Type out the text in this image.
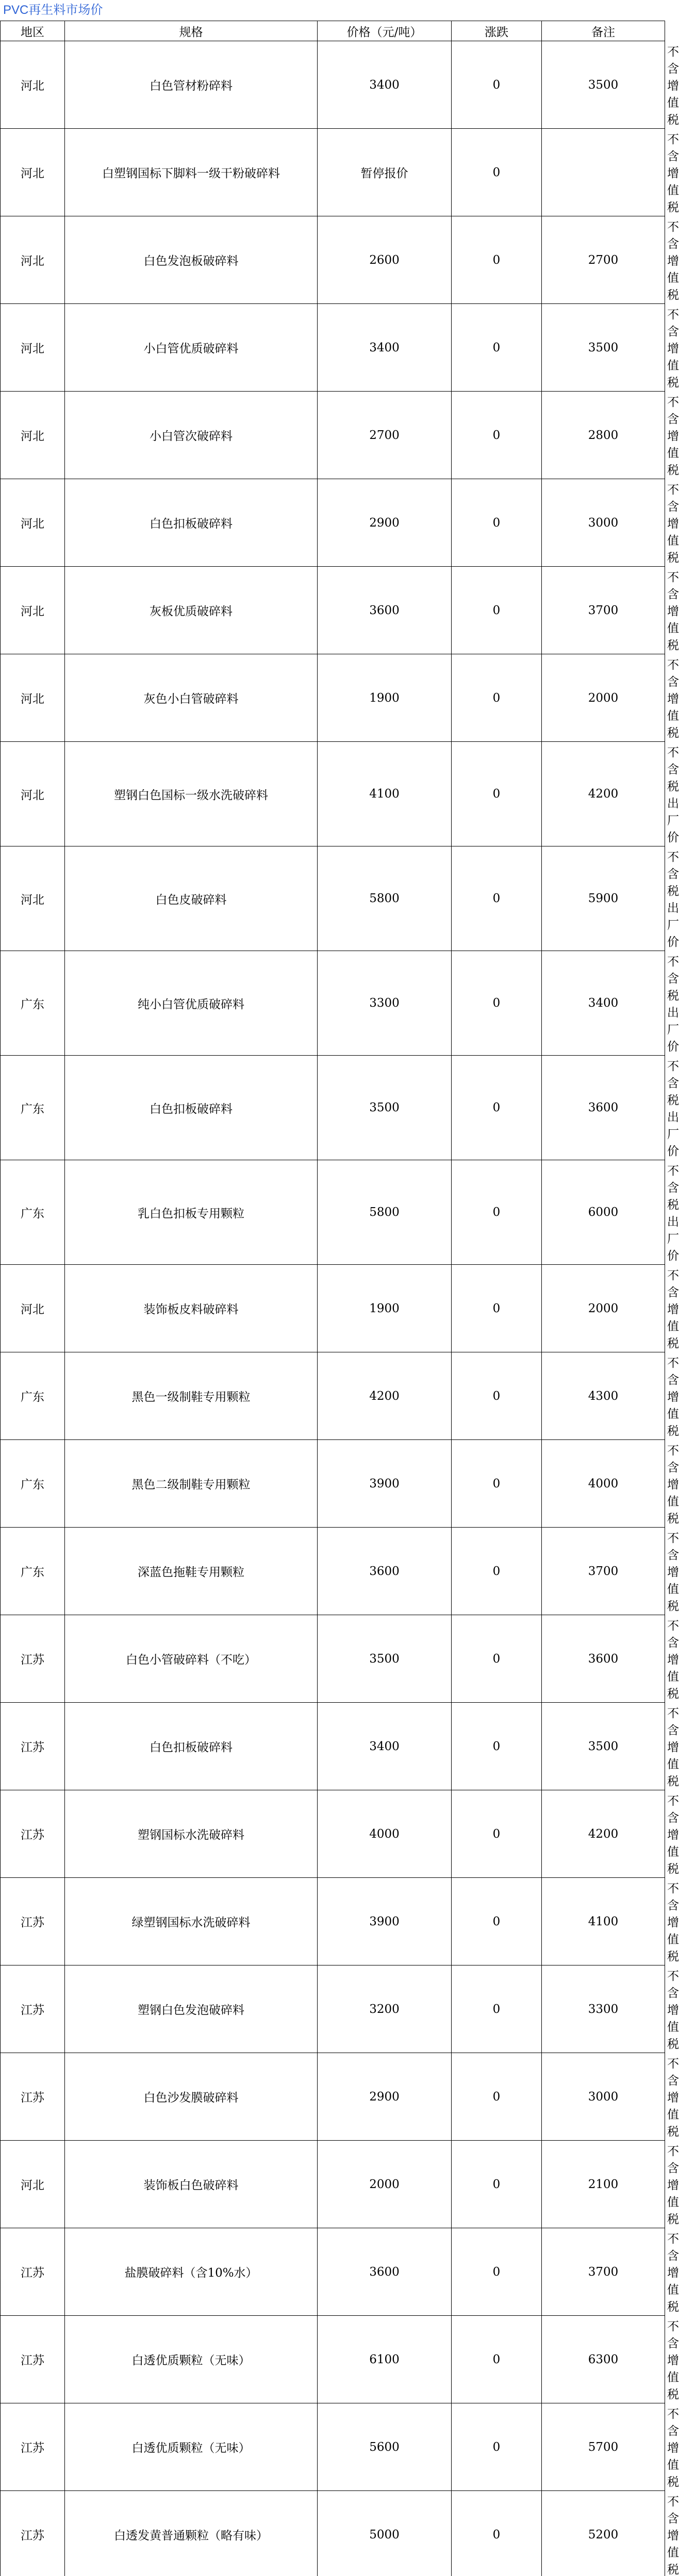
PVC再生料市场价
地区	规格	价格（元/吨）	涨跌	备注	
河北	白色管材粉碎料	3400	0	3500	不含增值税
河北	白塑钢国标下脚料一级干粉破碎料	暂停报价	0		不含增值税
河北	白色发泡板破碎料	2600	0	2700	不含增值税
河北	小白管优质破碎料	3400	0	3500	不含增值税
河北	小白管次破碎料	2700	0	2800	不含增值税
河北	白色扣板破碎料	2900	0	3000	不含增值税
河北	灰板优质破碎料	3600	0	3700	不含增值税
河北	灰色小白管破碎料	1900	0	2000	不含增值税
河北	塑钢白色国标一级水洗破碎料	4100	0	4200	不含税出厂价
河北	白色皮破碎料	5800	0	5900	不含税出厂价
广东	纯小白管优质破碎料	3300	0	3400	不含税出厂价
广东	白色扣板破碎料	3500	0	3600	不含税出厂价
广东	乳白色扣板专用颗粒	5800	0	6000	不含税出厂价
河北	装饰板皮料破碎料	1900	0	2000	不含增值税
广东	黑色一级制鞋专用颗粒	4200	0	4300	不含增值税
广东	黑色二级制鞋专用颗粒	3900	0	4000	不含增值税
广东	深蓝色拖鞋专用颗粒	3600	0	3700	不含增值税
江苏	白色小管破碎料（不吃）	3500	0	3600	不含增值税
江苏	白色扣板破碎料	3400	0	3500	不含增值税
江苏	塑钢国标水洗破碎料	4000	0	4200	不含增值税
江苏	绿塑钢国标水洗破碎料	3900	0	4100	不含增值税
江苏	塑钢白色发泡破碎料	3200	0	3300	不含增值税
江苏	白色沙发膜破碎料	2900	0	3000	不含增值税
河北	装饰板白色破碎料	2000	0	2100	不含增值税
江苏	盐膜破碎料（含10%水）	3600	0	3700	不含增值税
江苏	白透优质颗粒（无味）	6100	0	6300	不含增值税
江苏	白透优质颗粒（无味）	5600	0	5700	不含增值税
江苏	白透发黄普通颗粒（略有味）	5000	0	5200	不含增值税
